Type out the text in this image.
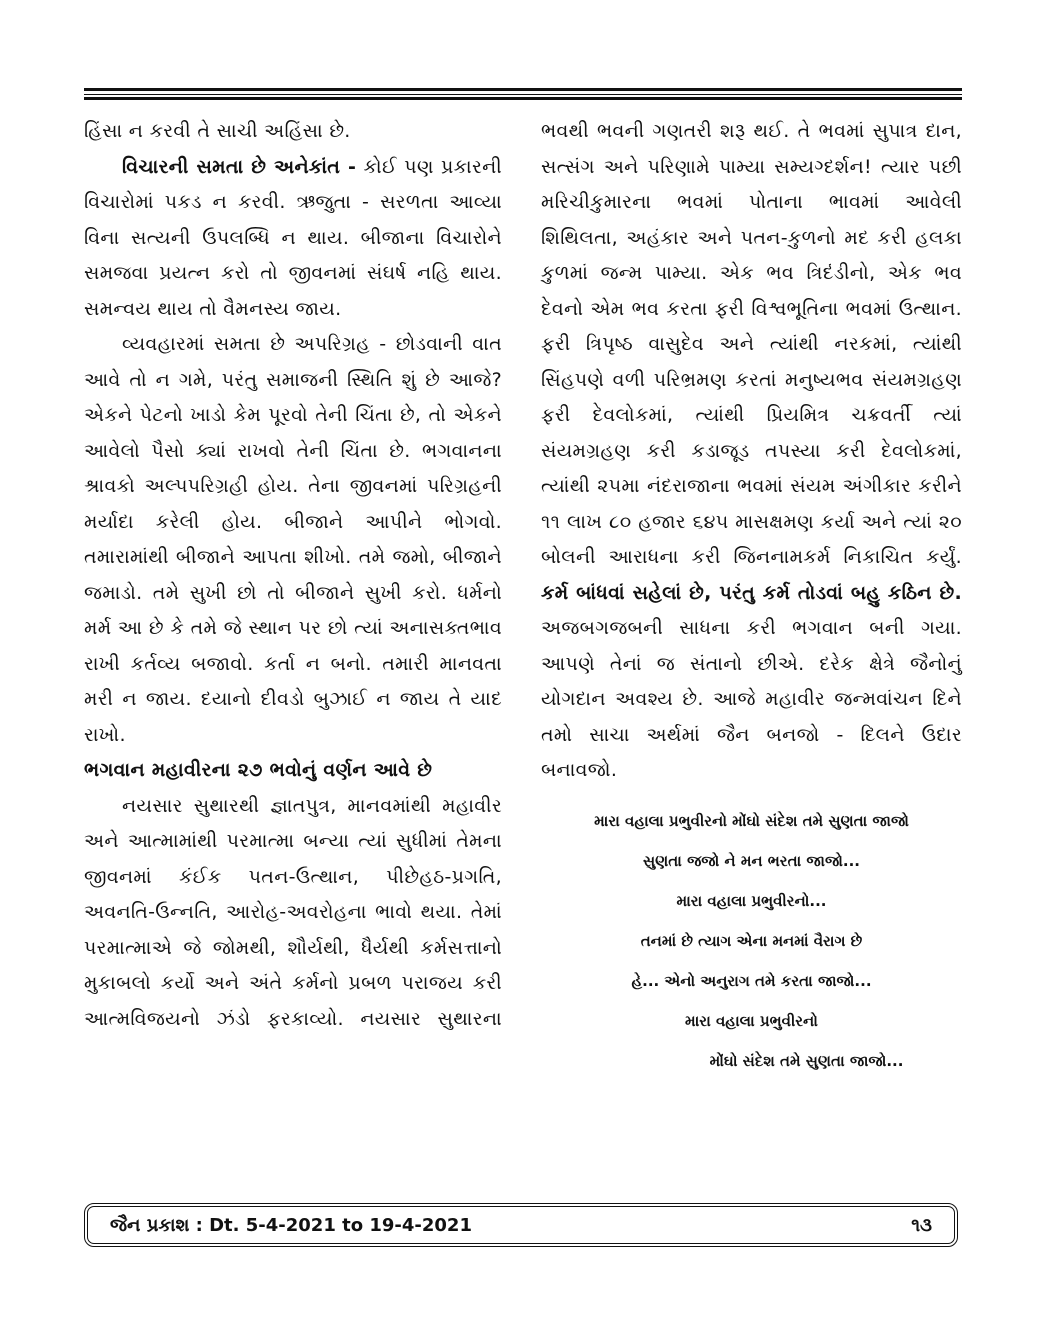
હિંસા ન કરવી તે સાચી અહિંસા છે.

વિચારની સમતા છે અનેકાંત - કોઈ પણ પ્રકારની વિચારોમાં પકડ ન કરવી. ઋજુતા - સરળતા આવ્યા વિના સત્યની ઉપલબ્ધિ ન થાય. બીજાના વિચારોને સમજવા પ્રયત્ન કરો તો જીવનમાં સંઘર્ષ નહિ થાય. સમન્વય થાય તો વૈમનસ્ય જાય.

વ્યવહારમાં સમતા છે અપરિગ્રહ - છોડવાની વાત આવે તો ન ગમે, પરંતુ સમાજની સ્થિતિ શું છે આજે? એકને પેટનો ખાડો કેમ પૂરવો તેની ચિંતા છે, તો એકને આવેલો પૈસો ક્યાં રાખવો તેની ચિંતા છે. ભગવાનના શ્રાવકો અલ્પપરિગ્રહી હોય. તેના જીવનમાં પરિગ્રહની મર્યાદા કરેલી હોય. બીજાને આપીને ભોગવો. તમારામાંથી બીજાને આપતા શીખો. તમે જમો, બીજાને જમાડો. તમે સુખી છો તો બીજાને સુખી કરો. ધર્મનો મર્મ આ છે કે તમે જે સ્થાન પર છો ત્યાં અનાસક્તભાવ રાખી કર્તવ્ય બજાવો. કર્તા ન બનો. તમારી માનવતા મરી ન જાય. દયાનો દીવડો બુઝાઈ ન જાય તે યાદ રાખો.

ભગવાન મહાવીરના ૨૭ ભવોનું વર્ણન આવે છે

નયસાર સુથારથી જ્ઞાતપુત્ર, માનવમાંથી મહાવીર અને આત્મામાંથી પરમાત્મા બન્યા ત્યાં સુધીમાં તેમના જીવનમાં કંઈક પતન-ઉત્થાન, પીછેહઠ-પ્રગતિ, અવનતિ-ઉન્નતિ, આરોહ-અવરોહના ભાવો થયા. તેમાં પરમાત્માએ જે જોમથી, શૌર્યથી, ધૈર્યથી કર્મસત્તાનો મુકાબલો કર્યો અને અંતે કર્મનો પ્રબળ પરાજય કરી આત્મવિજયનો ઝંડો ફરકાવ્યો. નયસાર સુથારના

ભવથી ભવની ગણતરી શરૂ થઈ. તે ભવમાં સુપાત્ર દાન, સત્સંગ અને પરિણામે પામ્યા સમ્યગ્દર્શન! ત્યાર પછી મરિચીકુમારના ભવમાં પોતાના ભાવમાં આવેલી શિથિલતા, અહંકાર અને પતન-કુળનો મદ કરી હલકા કુળમાં જન્મ પામ્યા. એક ભવ ત્રિદંડીનો, એક ભવ દેવનો એમ ભવ કરતા ફરી વિશ્વભૂતિના ભવમાં ઉત્થાન. ફરી ત્રિપૃષ્ઠ વાસુદેવ અને ત્યાંથી નરકમાં, ત્યાંથી સિંહપણે વળી પરિભ્રમણ કરતાં મનુષ્યભવ સંયમગ્રહણ ફરી દેવલોકમાં, ત્યાંથી પ્રિયમિત્ર ચક્રવર્તી ત્યાં સંયમગ્રહણ કરી કડાજૂડ તપસ્યા કરી દેવલોકમાં, ત્યાંથી ૨૫મા નંદરાજાના ભવમાં સંયમ અંગીકાર કરીને ૧૧ લાખ ૮૦ હજાર ૬૪૫ માસક્ષમણ કર્યા અને ત્યાં ૨૦ બોલની આરાધના કરી જિનનામકર્મ નિકાચિત કર્યું. કર્મ બાંધવાં સહેલાં છે, પરંતુ કર્મ તોડવાં બહુ કઠિન છે. અજબગજબની સાધના કરી ભગવાન બની ગયા. આપણે તેનાં જ સંતાનો છીએ. દરેક ક્ષેત્રે જૈનોનું યોગદાન અવશ્ય છે. આજે મહાવીર જન્મવાંચન દિને તમો સાચા અર્થમાં જૈન બનજો - દિલને ઉદાર બનાવજો.

મારા વહાલા પ્રભુવીરનો મોંઘો સંદેશ તમે સુણતા જાજો
સુણતા જજો ને મન ભરતા જાજો...
મારા વહાલા પ્રભુવીરનો...
તનમાં છે ત્યાગ એના મનમાં વૈરાગ છે
હે... એનો અનુરાગ તમે કરતા જાજો...
મારા વહાલા પ્રભુવીરનો
મોંઘો સંદેશ તમે સુણતા જાજો...
જૈન પ્રકાશ : Dt. 5-4-2021 to 19-4-2021	૧૩
